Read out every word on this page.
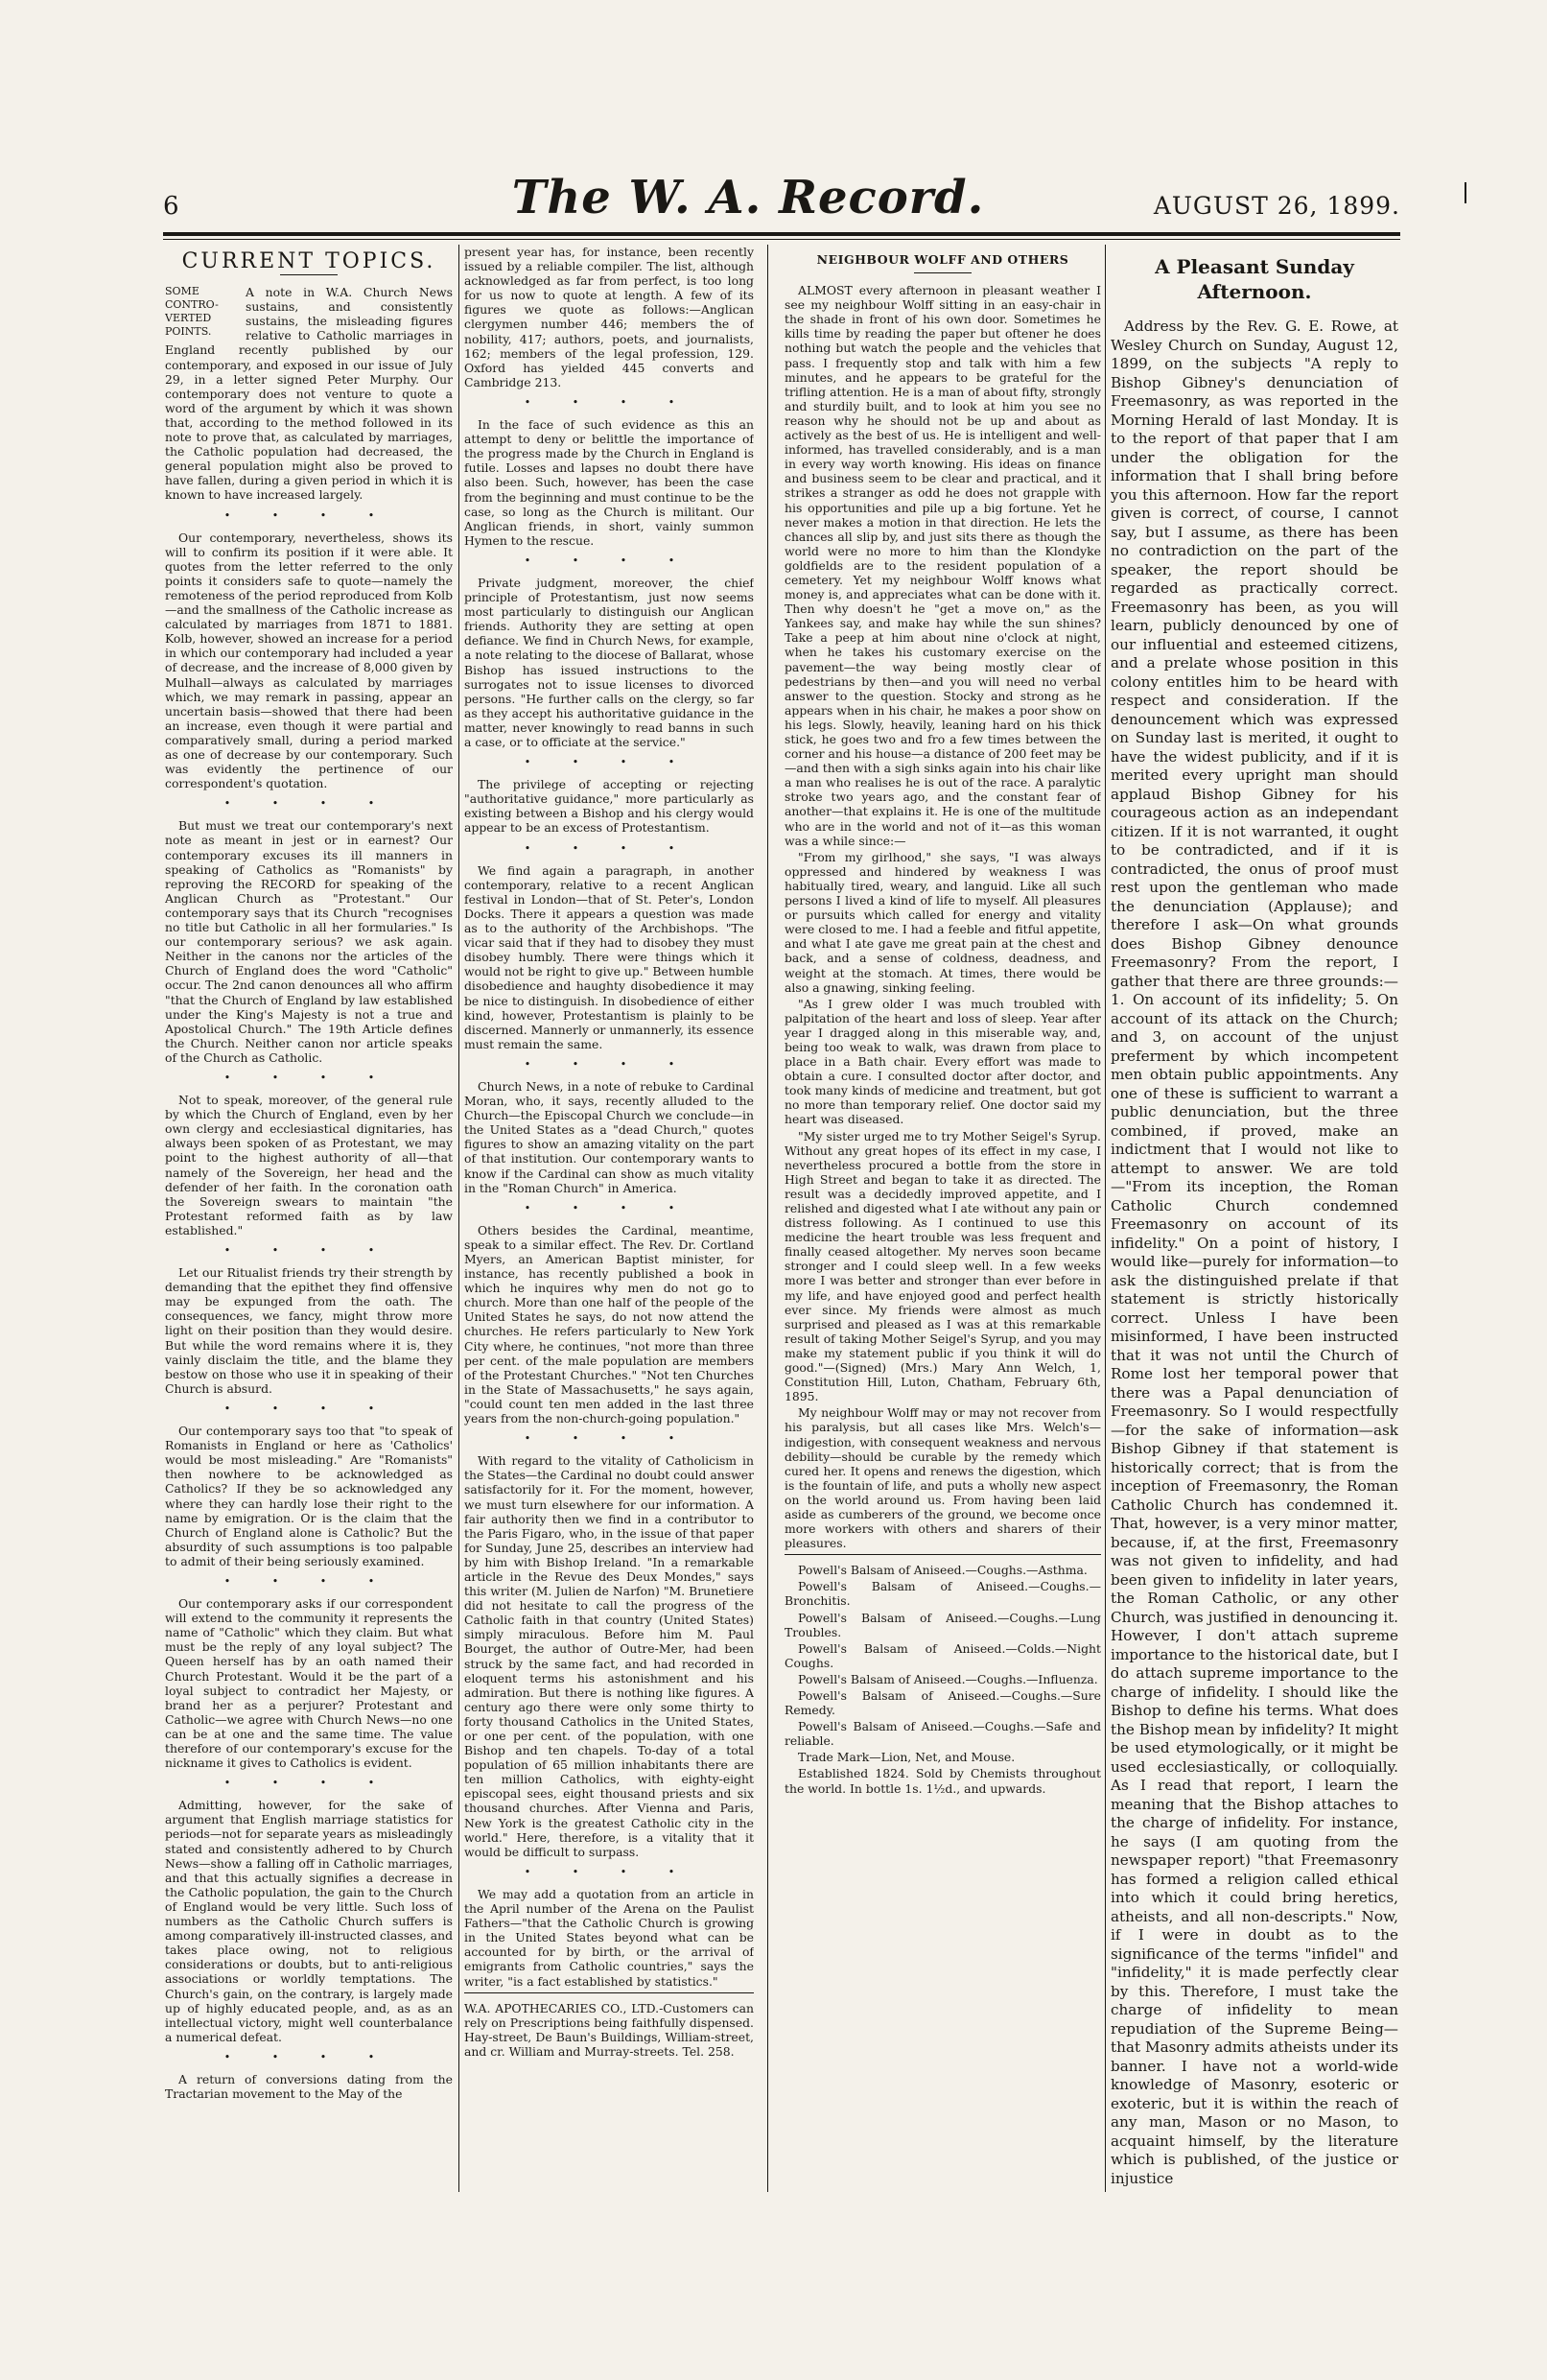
6	The W. A. Record.	AUGUST 26, 1899.
CURRENT TOPICS.

SOME CONTRO-VERTED POINTS.
A note in W.A. Church News sustains, and consistently sustains, the misleading figures relative to Catholic marriages in England recently published by our contemporary, and exposed in our issue of July 29, in a letter signed Peter Murphy. Our contemporary does not venture to quote a word of the argument by which it was shown that, according to the method followed in its note to prove that, as calculated by marriages, the Catholic population had decreased, the general population might also be proved to have fallen, during a given period in which it is known to have increased largely.

• • • •

Our contemporary, nevertheless, shows its will to confirm its position if it were able. It quotes from the letter referred to the only points it considers safe to quote—namely the remoteness of the period reproduced from Kolb—and the smallness of the Catholic increase as calculated by marriages from 1871 to 1881. Kolb, however, showed an increase for a period in which our contemporary had included a year of decrease, and the increase of 8,000 given by Mulhall—always as calculated by marriages which, we may remark in passing, appear an uncertain basis—showed that there had been an increase, even though it were partial and comparatively small, during a period marked as one of decrease by our contemporary. Such was evidently the pertinence of our correspondent's quotation.

• • • •

But must we treat our contemporary's next note as meant in jest or in earnest? Our contemporary excuses its ill manners in speaking of Catholics as "Romanists" by reproving the RECORD for speaking of the Anglican Church as "Protestant." Our contemporary says that its Church "recognises no title but Catholic in all her formularies." Is our contemporary serious? we ask again. Neither in the canons nor the articles of the Church of England does the word "Catholic" occur. The 2nd canon denounces all who affirm "that the Church of England by law established under the King's Majesty is not a true and Apostolical Church." The 19th Article defines the Church. Neither canon nor article speaks of the Church as Catholic.

• • • •

Not to speak, moreover, of the general rule by which the Church of England, even by her own clergy and ecclesiastical dignitaries, has always been spoken of as Protestant, we may point to the highest authority of all—that namely of the Sovereign, her head and the defender of her faith. In the coronation oath the Sovereign swears to maintain "the Protestant reformed faith as by law established."

• • • •

Let our Ritualist friends try their strength by demanding that the epithet they find offensive may be expunged from the oath. The consequences, we fancy, might throw more light on their position than they would desire. But while the word remains where it is, they vainly disclaim the title, and the blame they bestow on those who use it in speaking of their Church is absurd.

• • • •

Our contemporary says too that "to speak of Romanists in England or here as 'Catholics' would be most misleading." Are "Romanists" then nowhere to be acknowledged as Catholics? If they be so acknowledged any where they can hardly lose their right to the name by emigration. Or is the claim that the Church of England alone is Catholic? But the absurdity of such assumptions is too palpable to admit of their being seriously examined.

• • • •

Our contemporary asks if our correspondent will extend to the community it represents the name of "Catholic" which they claim. But what must be the reply of any loyal subject? The Queen herself has by an oath named their Church Protestant. Would it be the part of a loyal subject to contradict her Majesty, or brand her as a perjurer? Protestant and Catholic—we agree with Church News—no one can be at one and the same time. The value therefore of our contemporary's excuse for the nickname it gives to Catholics is evident.

• • • •

Admitting, however, for the sake of argument that English marriage statistics for periods—not for separate years as misleadingly stated and consistently adhered to by Church News—show a falling off in Catholic marriages, and that this actually signifies a decrease in the Catholic population, the gain to the Church of England would be very little. Such loss of numbers as the Catholic Church suffers is among comparatively ill-instructed classes, and takes place owing, not to religious considerations or doubts, but to anti-religious associations or worldly temptations. The Church's gain, on the contrary, is largely made up of highly educated people, and, as as an intellectual victory, might well counterbalance a numerical defeat.

• • • •

A return of conversions dating from the Tractarian movement to the May of the

present year has, for instance, been recently issued by a reliable compiler. The list, although acknowledged as far from perfect, is too long for us now to quote at length. A few of its figures we quote as follows:—Anglican clergymen number 446; members the of nobility, 417; authors, poets, and journalists, 162; members of the legal profession, 129. Oxford has yielded 445 converts and Cambridge 213.

• • • •

In the face of such evidence as this an attempt to deny or belittle the importance of the progress made by the Church in England is futile. Losses and lapses no doubt there have also been. Such, however, has been the case from the beginning and must continue to be the case, so long as the Church is militant. Our Anglican friends, in short, vainly summon Hymen to the rescue.

• • • •

Private judgment, moreover, the chief principle of Protestantism, just now seems most particularly to distinguish our Anglican friends. Authority they are setting at open defiance. We find in Church News, for example, a note relating to the diocese of Ballarat, whose Bishop has issued instructions to the surrogates not to issue licenses to divorced persons. "He further calls on the clergy, so far as they accept his authoritative guidance in the matter, never knowingly to read banns in such a case, or to officiate at the service."

• • • •

The privilege of accepting or rejecting "authoritative guidance," more particularly as existing between a Bishop and his clergy would appear to be an excess of Protestantism.

• • • •

We find again a paragraph, in another contemporary, relative to a recent Anglican festival in London—that of St. Peter's, London Docks. There it appears a question was made as to the authority of the Archbishops. "The vicar said that if they had to disobey they must disobey humbly. There were things which it would not be right to give up." Between humble disobedience and haughty disobedience it may be nice to distinguish. In disobedience of either kind, however, Protestantism is plainly to be discerned. Mannerly or unmannerly, its essence must remain the same.

• • • •

Church News, in a note of rebuke to Cardinal Moran, who, it says, recently alluded to the Church—the Episcopal Church we conclude—in the United States as a "dead Church," quotes figures to show an amazing vitality on the part of that institution. Our contemporary wants to know if the Cardinal can show as much vitality in the "Roman Church" in America.

• • • •

Others besides the Cardinal, meantime, speak to a similar effect. The Rev. Dr. Cortland Myers, an American Baptist minister, for instance, has recently published a book in which he inquires why men do not go to church. More than one half of the people of the United States he says, do not now attend the churches. He refers particularly to New York City where, he continues, "not more than three per cent. of the male population are members of the Protestant Churches." "Not ten Churches in the State of Massachusetts," he says again, "could count ten men added in the last three years from the non-church-going population."

• • • •

With regard to the vitality of Catholicism in the States—the Cardinal no doubt could answer satisfactorily for it. For the moment, however, we must turn elsewhere for our information. A fair authority then we find in a contributor to the Paris Figaro, who, in the issue of that paper for Sunday, June 25, describes an interview had by him with Bishop Ireland. "In a remarkable article in the Revue des Deux Mondes," says this writer (M. Julien de Narfon) "M. Brunetiere did not hesitate to call the progress of the Catholic faith in that country (United States) simply miraculous. Before him M. Paul Bourget, the author of Outre-Mer, had been struck by the same fact, and had recorded in eloquent terms his astonishment and his admiration. But there is nothing like figures. A century ago there were only some thirty to forty thousand Catholics in the United States, or one per cent. of the population, with one Bishop and ten chapels. To-day of a total population of 65 million inhabitants there are ten million Catholics, with eighty-eight episcopal sees, eight thousand priests and six thousand churches. After Vienna and Paris, New York is the greatest Catholic city in the world." Here, therefore, is a vitality that it would be difficult to surpass.

• • • •

We may add a quotation from an article in the April number of the Arena on the Paulist Fathers—"that the Catholic Church is growing in the United States beyond what can be accounted for by birth, or the arrival of emigrants from Catholic countries," says the writer, "is a fact established by statistics."

W.A. APOTHECARIES CO., LTD.-Customers can rely on Prescriptions being faithfully dispensed. Hay-street, De Baun's Buildings, William-street, and cr. William and Murray-streets. Tel. 258.

NEIGHBOUR WOLFF AND OTHERS

ALMOST every afternoon in pleasant weather I see my neighbour Wolff sitting in an easy-chair in the shade in front of his own door. Sometimes he kills time by reading the paper but oftener he does nothing but watch the people and the vehicles that pass. I frequently stop and talk with him a few minutes, and he appears to be grateful for the trifling attention. He is a man of about fifty, strongly and sturdily built, and to look at him you see no reason why he should not be up and about as actively as the best of us. He is intelligent and well-informed, has travelled considerably, and is a man in every way worth knowing. His ideas on finance and business seem to be clear and practical, and it strikes a stranger as odd he does not grapple with his opportunities and pile up a big fortune. Yet he never makes a motion in that direction. He lets the chances all slip by, and just sits there as though the world were no more to him than the Klondyke goldfields are to the resident population of a cemetery. Yet my neighbour Wolff knows what money is, and appreciates what can be done with it. Then why doesn't he "get a move on," as the Yankees say, and make hay while the sun shines? Take a peep at him about nine o'clock at night, when he takes his customary exercise on the pavement—the way being mostly clear of pedestrians by then—and you will need no verbal answer to the question. Stocky and strong as he appears when in his chair, he makes a poor show on his legs. Slowly, heavily, leaning hard on his thick stick, he goes two and fro a few times between the corner and his house—a distance of 200 feet may be—and then with a sigh sinks again into his chair like a man who realises he is out of the race. A paralytic stroke two years ago, and the constant fear of another—that explains it. He is one of the multitude who are in the world and not of it—as this woman was a while since:—

"From my girlhood," she says, "I was always oppressed and hindered by weakness I was habitually tired, weary, and languid. Like all such persons I lived a kind of life to myself. All pleasures or pursuits which called for energy and vitality were closed to me. I had a feeble and fitful appetite, and what I ate gave me great pain at the chest and back, and a sense of coldness, deadness, and weight at the stomach. At times, there would be also a gnawing, sinking feeling.

"As I grew older I was much troubled with palpitation of the heart and loss of sleep. Year after year I dragged along in this miserable way, and, being too weak to walk, was drawn from place to place in a Bath chair. Every effort was made to obtain a cure. I consulted doctor after doctor, and took many kinds of medicine and treatment, but got no more than temporary relief. One doctor said my heart was diseased.

"My sister urged me to try Mother Seigel's Syrup. Without any great hopes of its effect in my case, I nevertheless procured a bottle from the store in High Street and began to take it as directed. The result was a decidedly improved appetite, and I relished and digested what I ate without any pain or distress following. As I continued to use this medicine the heart trouble was less frequent and finally ceased altogether. My nerves soon became stronger and I could sleep well. In a few weeks more I was better and stronger than ever before in my life, and have enjoyed good and perfect health ever since. My friends were almost as much surprised and pleased as I was at this remarkable result of taking Mother Seigel's Syrup, and you may make my statement public if you think it will do good."—(Signed) (Mrs.) Mary Ann Welch, 1, Constitution Hill, Luton, Chatham, February 6th, 1895.

My neighbour Wolff may or may not recover from his paralysis, but all cases like Mrs. Welch's—indigestion, with consequent weakness and nervous debility—should be curable by the remedy which cured her. It opens and renews the digestion, which is the fountain of life, and puts a wholly new aspect on the world around us. From having been laid aside as cumberers of the ground, we become once more workers with others and sharers of their pleasures.

Powell's Balsam of Aniseed.—Coughs.—Asthma.

Powell's Balsam of Aniseed.—Coughs.—Bronchitis.

Powell's Balsam of Aniseed.—Coughs.—Lung Troubles.

Powell's Balsam of Aniseed.—Colds.—Night Coughs.

Powell's Balsam of Aniseed.—Coughs.—Influenza.

Powell's Balsam of Aniseed.—Coughs.—Sure Remedy.

Powell's Balsam of Aniseed.—Coughs.—Safe and reliable.

Trade Mark—Lion, Net, and Mouse.

Established 1824. Sold by Chemists throughout the world. In bottle 1s. 1½d., and upwards.

A Pleasant Sunday Afternoon.

Address by the Rev. G. E. Rowe, at Wesley Church on Sunday, August 12, 1899, on the subjects "A reply to Bishop Gibney's denunciation of Freemasonry, as was reported in the Morning Herald of last Monday. It is to the report of that paper that I am under the obligation for the information that I shall bring before you this afternoon. How far the report given is correct, of course, I cannot say, but I assume, as there has been no contradiction on the part of the speaker, the report should be regarded as practically correct. Freemasonry has been, as you will learn, publicly denounced by one of our influential and esteemed citizens, and a prelate whose position in this colony entitles him to be heard with respect and consideration. If the denouncement which was expressed on Sunday last is merited, it ought to have the widest publicity, and if it is merited every upright man should applaud Bishop Gibney for his courageous action as an independant citizen. If it is not warranted, it ought to be contradicted, and if it is contradicted, the onus of proof must rest upon the gentleman who made the denunciation (Applause); and therefore I ask—On what grounds does Bishop Gibney denounce Freemasonry? From the report, I gather that there are three grounds:—1. On account of its infidelity; 5. On account of its attack on the Church; and 3, on account of the unjust preferment by which incompetent men obtain public appointments. Any one of these is sufficient to warrant a public denunciation, but the three combined, if proved, make an indictment that I would not like to attempt to answer. We are told—"From its inception, the Roman Catholic Church condemned Freemasonry on account of its infidelity." On a point of history, I would like—purely for information—to ask the distinguished prelate if that statement is strictly historically correct. Unless I have been misinformed, I have been instructed that it was not until the Church of Rome lost her temporal power that there was a Papal denunciation of Freemasonry. So I would respectfully—for the sake of information—ask Bishop Gibney if that statement is historically correct; that is from the inception of Freemasonry, the Roman Catholic Church has condemned it. That, however, is a very minor matter, because, if, at the first, Freemasonry was not given to infidelity, and had been given to infidelity in later years, the Roman Catholic, or any other Church, was justified in denouncing it. However, I don't attach supreme importance to the historical date, but I do attach supreme importance to the charge of infidelity. I should like the Bishop to define his terms. What does the Bishop mean by infidelity? It might be used etymologically, or it might be used ecclesiastically, or colloquially. As I read that report, I learn the meaning that the Bishop attaches to the charge of infidelity. For instance, he says (I am quoting from the newspaper report) "that Freemasonry has formed a religion called ethical into which it could bring heretics, atheists, and all non-descripts." Now, if I were in doubt as to the significance of the terms "infidel" and "infidelity," it is made perfectly clear by this. Therefore, I must take the charge of infidelity to mean repudiation of the Supreme Being—that Masonry admits atheists under its banner. I have not a world-wide knowledge of Masonry, esoteric or exoteric, but it is within the reach of any man, Mason or no Mason, to acquaint himself, by the literature which is published, of the justice or injustice
